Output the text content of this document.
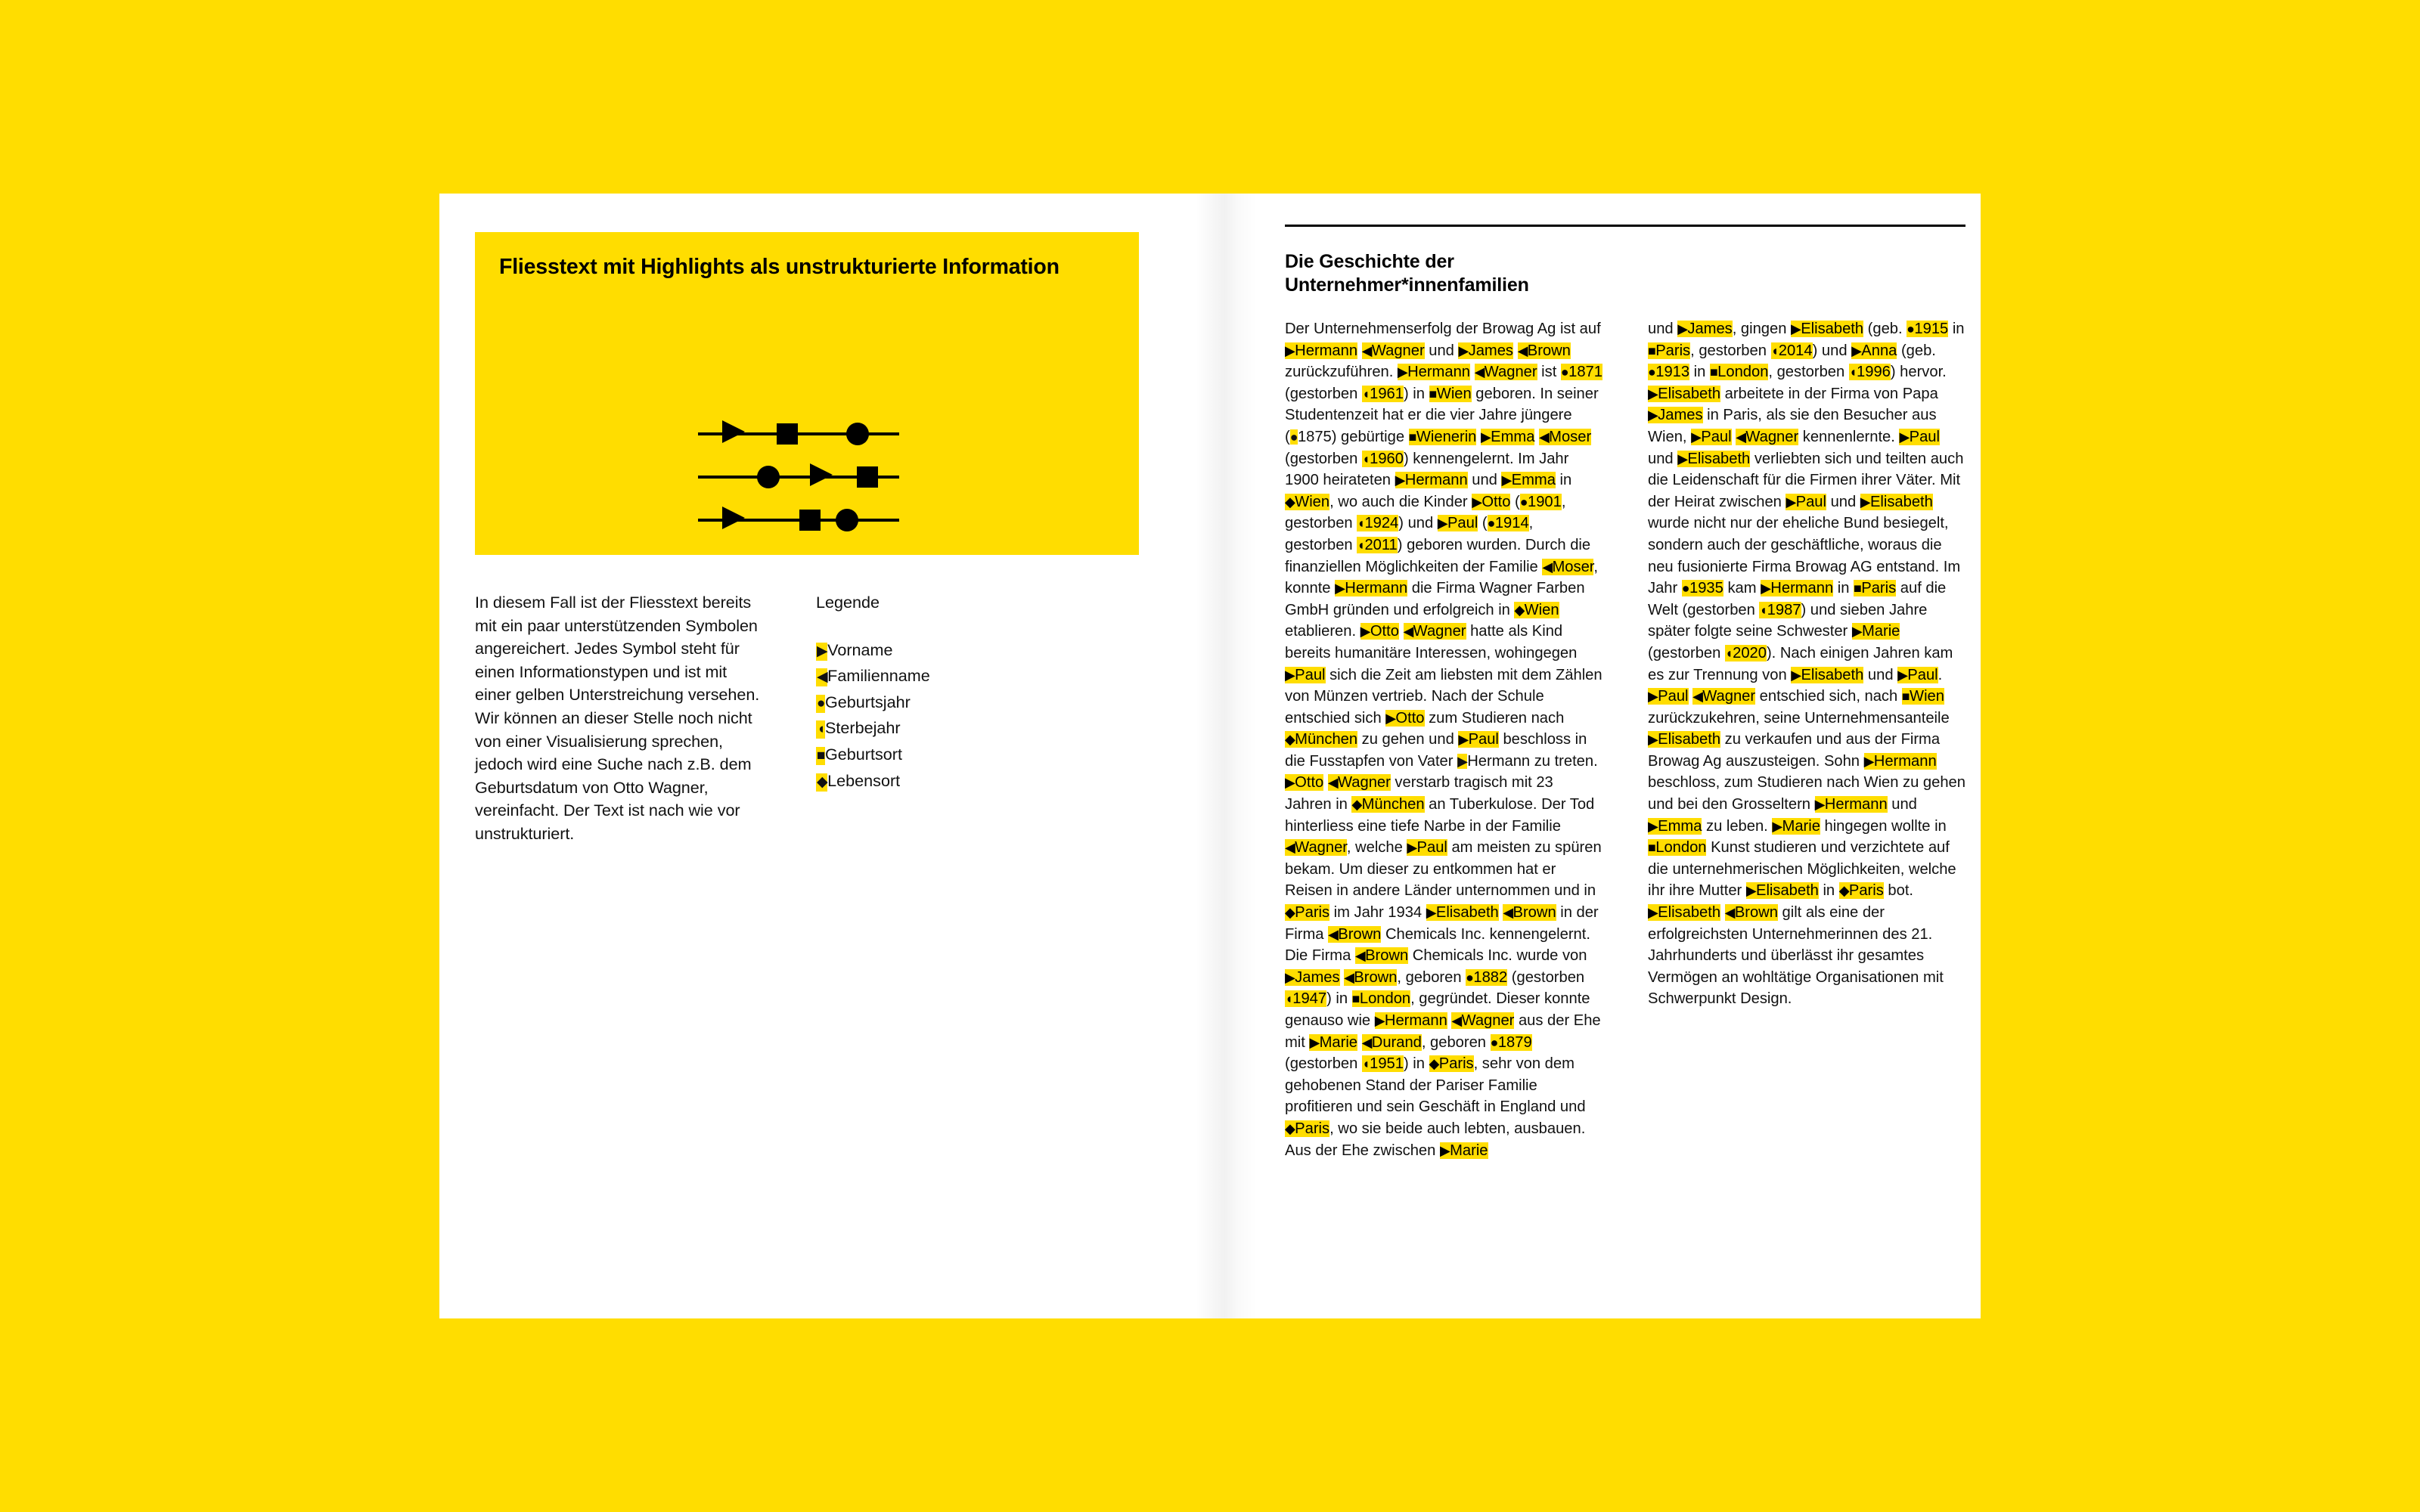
Fliesstext mit Highlights als unstrukturierte Information
In diesem Fall ist der Fliesstext bereits mit ein paar unterstützenden Symbolen angereichert. Jedes Symbol steht für einen Informationstypen und ist mit einer gelben Unterstreichung versehen. Wir können an dieser Stelle noch nicht von einer Visualisierung sprechen, jedoch wird eine Suche nach z.B. dem Geburtsdatum von Otto Wagner, vereinfacht. Der Text ist nach wie vor unstrukturiert.
Legende
▶Vorname
◀Familienname
●Geburtsjahr
◖Sterbejahr
■Geburtsort
◆Lebensort
Die Geschichte der
Unternehmer*innenfamilien

Der Unternehmenserfolg der Browag Ag ist auf ▶Hermann ◀Wagner und ▶James ◀Brown zurückzuführen. ▶Hermann ◀Wagner ist ●1871 (gestorben ◖1961) in ■Wien geboren. In seiner Studentenzeit hat er die vier Jahre jüngere (●1875) gebürtige ■Wienerin ▶Emma ◀Moser (gestorben ◖1960) kennengelernt. Im Jahr 1900 heirateten ▶Hermann und ▶Emma in ◆Wien, wo auch die Kinder ▶Otto (●1901, gestorben ◖1924) und ▶Paul (●1914, gestorben ◖2011) geboren wurden. Durch die finanziellen Möglichkeiten der Familie ◀Moser, konnte ▶Hermann die Firma Wagner Farben GmbH gründen und erfolgreich in ◆Wien etablieren. ▶Otto ◀Wagner hatte als Kind bereits humanitäre Interessen, wohingegen ▶Paul sich die Zeit am liebsten mit dem Zählen von Münzen vertrieb. Nach der Schule entschied sich ▶Otto zum Studieren nach ◆München zu gehen und ▶Paul beschloss in die Fusstapfen von Vater ▶Hermann zu treten. ▶Otto ◀Wagner verstarb tragisch mit 23 Jahren in ◆München an Tuberkulose. Der Tod hinterliess eine tiefe Narbe in der Familie ◀Wagner, welche ▶Paul am meisten zu spüren bekam. Um dieser zu entkommen hat er Reisen in andere Länder unternommen und in ◆Paris im Jahr 1934 ▶Elisabeth ◀Brown in der Firma ◀Brown Chemicals Inc. kennengelernt. Die Firma ◀Brown Chemicals Inc. wurde von ▶James ◀Brown, geboren ●1882 (gestorben ◖1947) in ■London, gegründet. Dieser konnte genauso wie ▶Hermann ◀Wagner aus der Ehe mit ▶Marie ◀Durand, geboren ●1879 (gestorben ◖1951) in ◆Paris, sehr von dem gehobenen Stand der Pariser Familie profitieren und sein Geschäft in England und ◆Paris, wo sie beide auch lebten, ausbauen. Aus der Ehe zwischen ▶Marie

und ▶James, gingen ▶Elisabeth (geb. ●1915 in ■Paris, gestorben ◖2014) und ▶Anna (geb. ●1913 in ■London, gestorben ◖1996) hervor. ▶Elisabeth arbeitete in der Firma von Papa ▶James in Paris, als sie den Besucher aus Wien, ▶Paul ◀Wagner kennenlernte. ▶Paul und ▶Elisabeth verliebten sich und teilten auch die Leidenschaft für die Firmen ihrer Väter. Mit der Heirat zwischen ▶Paul und ▶Elisabeth wurde nicht nur der eheliche Bund besiegelt, sondern auch der geschäftliche, woraus die neu fusionierte Firma Browag AG entstand. Im Jahr ●1935 kam ▶Hermann in ■Paris auf die Welt (gestorben ◖1987) und sieben Jahre später folgte seine Schwester ▶Marie (gestorben ◖2020). Nach einigen Jahren kam es zur Trennung von ▶Elisabeth und ▶Paul. ▶Paul ◀Wagner entschied sich, nach ■Wien zurückzukehren, seine Unternehmensanteile ▶Elisabeth zu verkaufen und aus der Firma Browag Ag auszusteigen. Sohn ▶Hermann beschloss, zum Studieren nach Wien zu gehen und bei den Grosseltern ▶Hermann und ▶Emma zu leben. ▶Marie hingegen wollte in ■London Kunst studieren und verzichtete auf die unternehmerischen Möglichkeiten, welche ihr ihre Mutter ▶Elisabeth in ◆Paris bot. ▶Elisabeth ◀Brown gilt als eine der erfolgreichsten Unternehmerinnen des 21. Jahrhunderts und überlässt ihr gesamtes Vermögen an wohltätige Organisationen mit Schwerpunkt Design.
